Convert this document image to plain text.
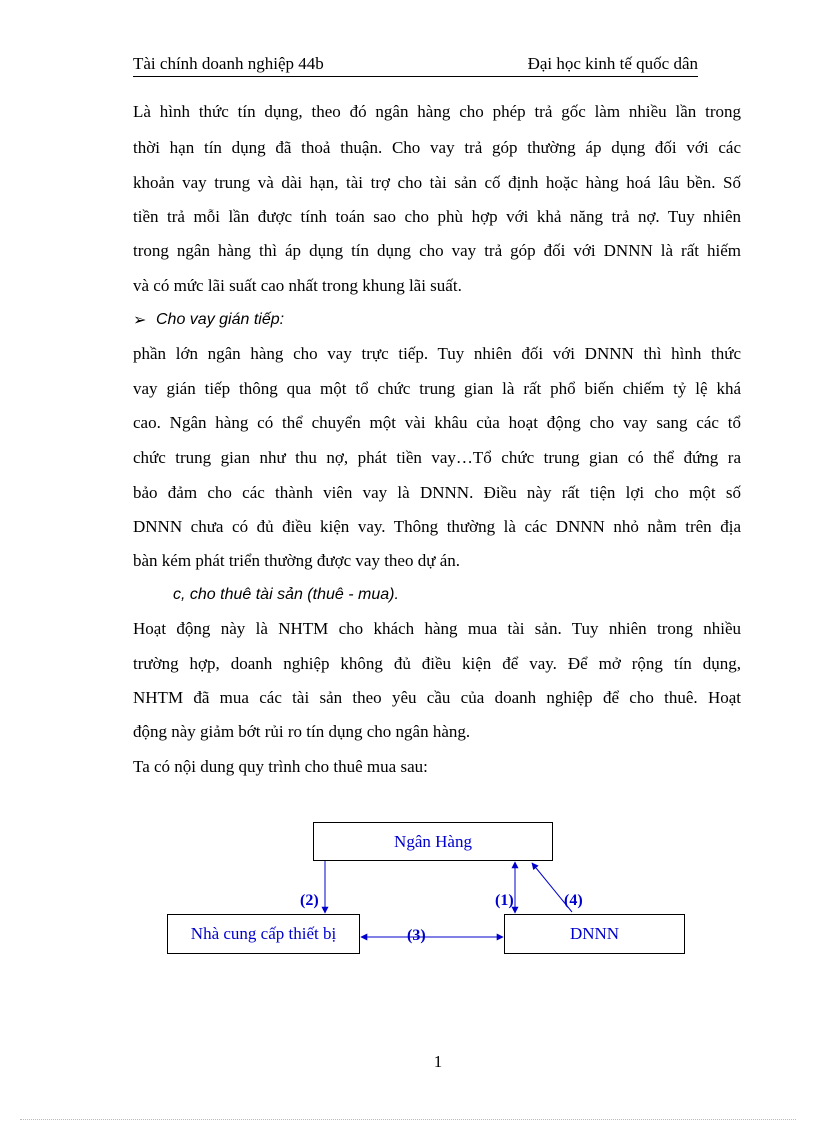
Tài chính doanh nghiệp 44b	Đại học kinh tế quốc dân
Là hình thức tín dụng, theo đó ngân hàng cho phép trả gốc làm nhiều lần trong
thời hạn tín dụng đã thoả thuận. Cho vay trả góp thường áp dụng đối với các
khoản vay trung và dài hạn, tài trợ cho tài sản cố định hoặc hàng hoá lâu bền. Số
tiền trả mỗi lần được tính toán sao cho phù hợp với khả năng trả nợ. Tuy nhiên
trong ngân hàng thì áp dụng tín dụng cho vay trả góp đối với DNNN là rất hiếm
và có mức lãi suất cao nhất trong khung lãi suất.
➢ Cho vay gián tiếp:
phần lớn ngân hàng cho vay trực tiếp. Tuy nhiên đối với DNNN thì hình thức
vay gián tiếp thông qua một tổ chức trung gian là rất phổ biến chiếm tỷ lệ khá
cao. Ngân hàng có thể chuyển một vài khâu của hoạt động cho vay sang các tổ
chức trung gian như thu nợ, phát tiền vay…Tổ chức trung gian có thể đứng ra
bảo đảm cho các thành viên vay là DNNN. Điều này rất tiện lợi cho một số
DNNN chưa có đủ điều kiện vay. Thông thường là các DNNN nhỏ nằm trên địa
bàn kém phát triển thường được vay theo dự án.
c, cho thuê tài sản (thuê - mua).
Hoạt động này là NHTM cho khách hàng mua tài sản. Tuy nhiên trong nhiều
trường hợp, doanh nghiệp không đủ điều kiện để vay. Để mở rộng tín dụng,
NHTM đã mua các tài sản theo yêu cầu của doanh nghiệp để cho thuê. Hoạt
động này giảm bớt rủi ro tín dụng cho ngân hàng.
Ta có nội dung quy trình cho thuê mua sau:
Ngân Hàng
Nhà cung cấp thiết bị	DNNN
(2)	(1)	(4)
(3)
1
